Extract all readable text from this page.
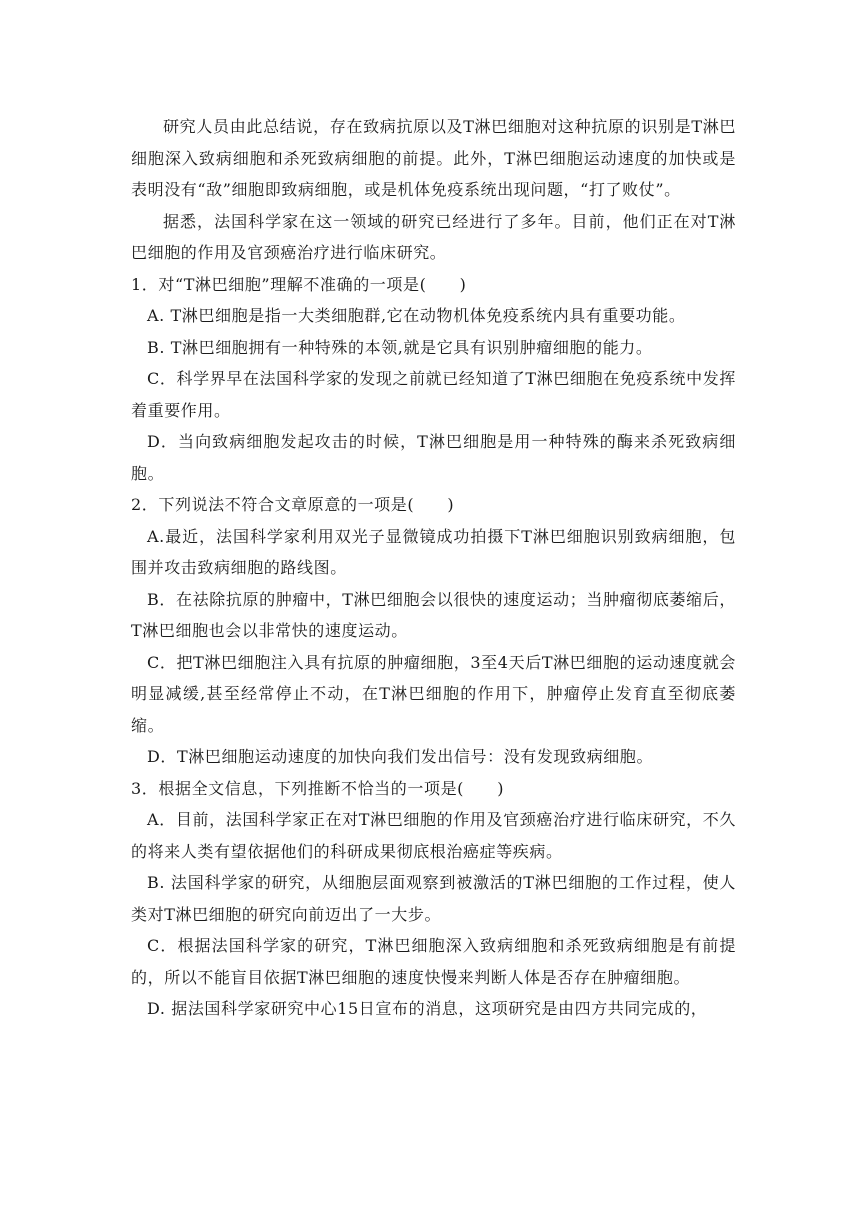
研究人员由此总结说，存在致病抗原以及T淋巴细胞对这种抗原的识别是T淋巴细胞深入致病细胞和杀死致病细胞的前提。此外，T淋巴细胞运动速度的加快或是表明没有“敌”细胞即致病细胞，或是机体免疫系统出现问题，“打了败仗”。

据悉，法国科学家在这一领域的研究已经进行了多年。目前，他们正在对T淋巴细胞的作用及官颈癌治疗进行临床研究。

1．对“T淋巴细胞”理解不准确的一项是(　　)

A. T淋巴细胞是指一大类细胞群,它在动物机体免疫系统内具有重要功能。

B. T淋巴细胞拥有一种特殊的本领,就是它具有识别肿瘤细胞的能力。

C．科学界早在法国科学家的发现之前就已经知道了T淋巴细胞在免疫系统中发挥着重要作用。

D．当向致病细胞发起攻击的时候，T淋巴细胞是用一种特殊的酶来杀死致病细胞。

2．下列说法不符合文章原意的一项是(　　)

A.最近，法国科学家利用双光子显微镜成功拍摄下T淋巴细胞识别致病细胞，包围并攻击致病细胞的路线图。

B．在祛除抗原的肿瘤中，T淋巴细胞会以很快的速度运动；当肿瘤彻底萎缩后， T淋巴细胞也会以非常快的速度运动。

C．把T淋巴细胞注入具有抗原的肿瘤细胞，3至4天后T淋巴细胞的运动速度就会明显减缓,甚至经常停止不动，在T淋巴细胞的作用下，肿瘤停止发育直至彻底萎缩。

D．T淋巴细胞运动速度的加快向我们发出信号：没有发现致病细胞。

3．根据全文信息，下列推断不恰当的一项是(　　)

A．目前，法国科学家正在对T淋巴细胞的作用及官颈癌治疗进行临床研究，不久的将来人类有望依据他们的科研成果彻底根治癌症等疾病。

B. 法国科学家的研究，从细胞层面观察到被激活的T淋巴细胞的工作过程，使人类对T淋巴细胞的研究向前迈出了一大步。

C．根据法国科学家的研究，T淋巴细胞深入致病细胞和杀死致病细胞是有前提的，所以不能盲目依据T淋巴细胞的速度快慢来判断人体是否存在肿瘤细胞。

D. 据法国科学家研究中心15日宣布的消息，这项研究是由四方共同完成的，
